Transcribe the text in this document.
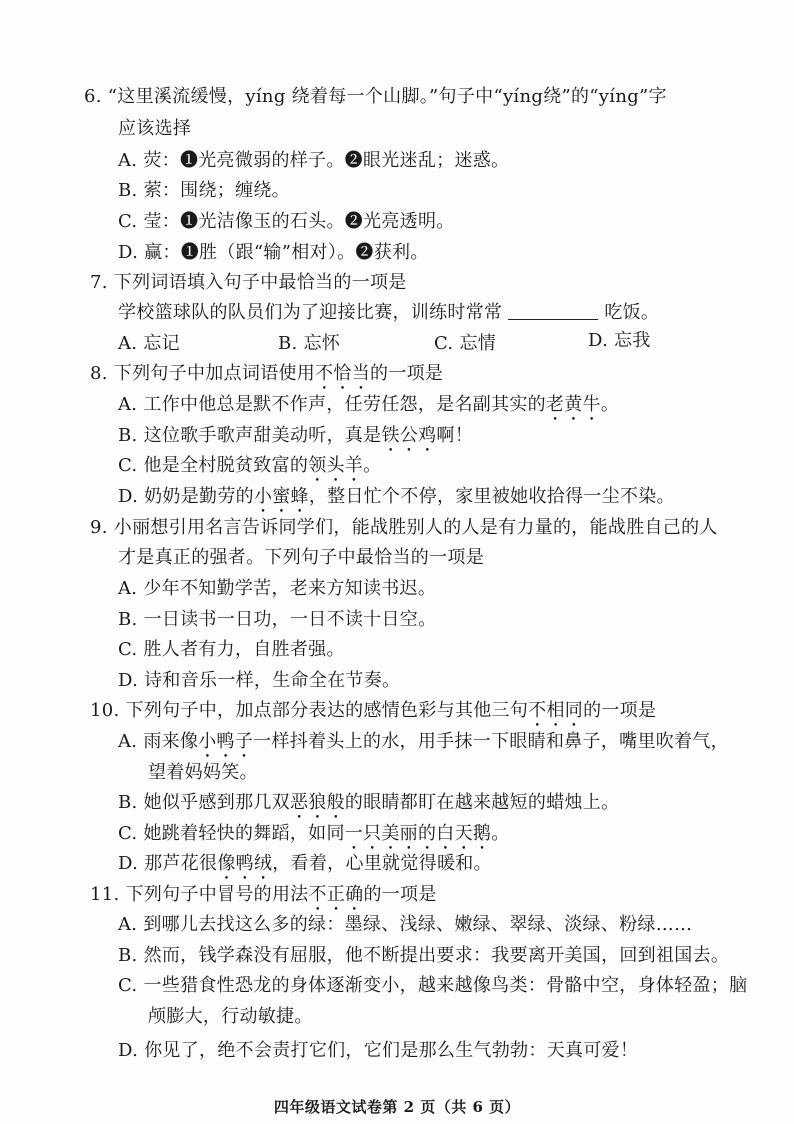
6. “这里溪流缓慢，yíng 绕着每一个山脚。”句子中“yíng绕”的“yíng”字
应该选择
A. 荧：❶光亮微弱的样子。❷眼光迷乱；迷惑。
B. 萦：围绕；缠绕。
C. 莹：❶光洁像玉的石头。❷光亮透明。
D. 赢：❶胜（跟“输”相对）。❷获利。
7. 下列词语填入句子中最恰当的一项是
学校篮球队的队员们为了迎接比赛，训练时常常	吃饭。
A. 忘记	B. 忘怀	C. 忘情	D. 忘我
8. 下列句子中加点词语使用不恰当的一项是
A. 工作中他总是默不作声，任劳任怨，是名副其实的老黄牛。
B. 这位歌手歌声甜美动听，真是铁公鸡啊！
C. 他是全村脱贫致富的领头羊。
D. 奶奶是勤劳的小蜜蜂，整日忙个不停，家里被她收拾得一尘不染。
9. 小丽想引用名言告诉同学们，能战胜别人的人是有力量的，能战胜自己的人
才是真正的强者。下列句子中最恰当的一项是
A. 少年不知勤学苦，老来方知读书迟。
B. 一日读书一日功，一日不读十日空。
C. 胜人者有力，自胜者强。
D. 诗和音乐一样，生命全在节奏。
10. 下列句子中，加点部分表达的感情色彩与其他三句不相同的一项是
A. 雨来像小鸭子一样抖着头上的水，用手抹一下眼睛和鼻子，嘴里吹着气，
望着妈妈笑。
B. 她似乎感到那几双恶狼般的眼睛都盯在越来越短的蜡烛上。
C. 她跳着轻快的舞蹈，如同一只美丽的白天鹅。
D. 那芦花很像鸭绒，看着，心里就觉得暖和。
11. 下列句子中冒号的用法不正确的一项是
A. 到哪儿去找这么多的绿：墨绿、浅绿、嫩绿、翠绿、淡绿、粉绿……
B. 然而，钱学森没有屈服，他不断提出要求：我要离开美国，回到祖国去。
C. 一些猎食性恐龙的身体逐渐变小，越来越像鸟类：骨骼中空，身体轻盈；脑
颅膨大，行动敏捷。
D. 你见了，绝不会责打它们，它们是那么生气勃勃：天真可爱！
四年级语文试卷第 2 页（共 6 页）
